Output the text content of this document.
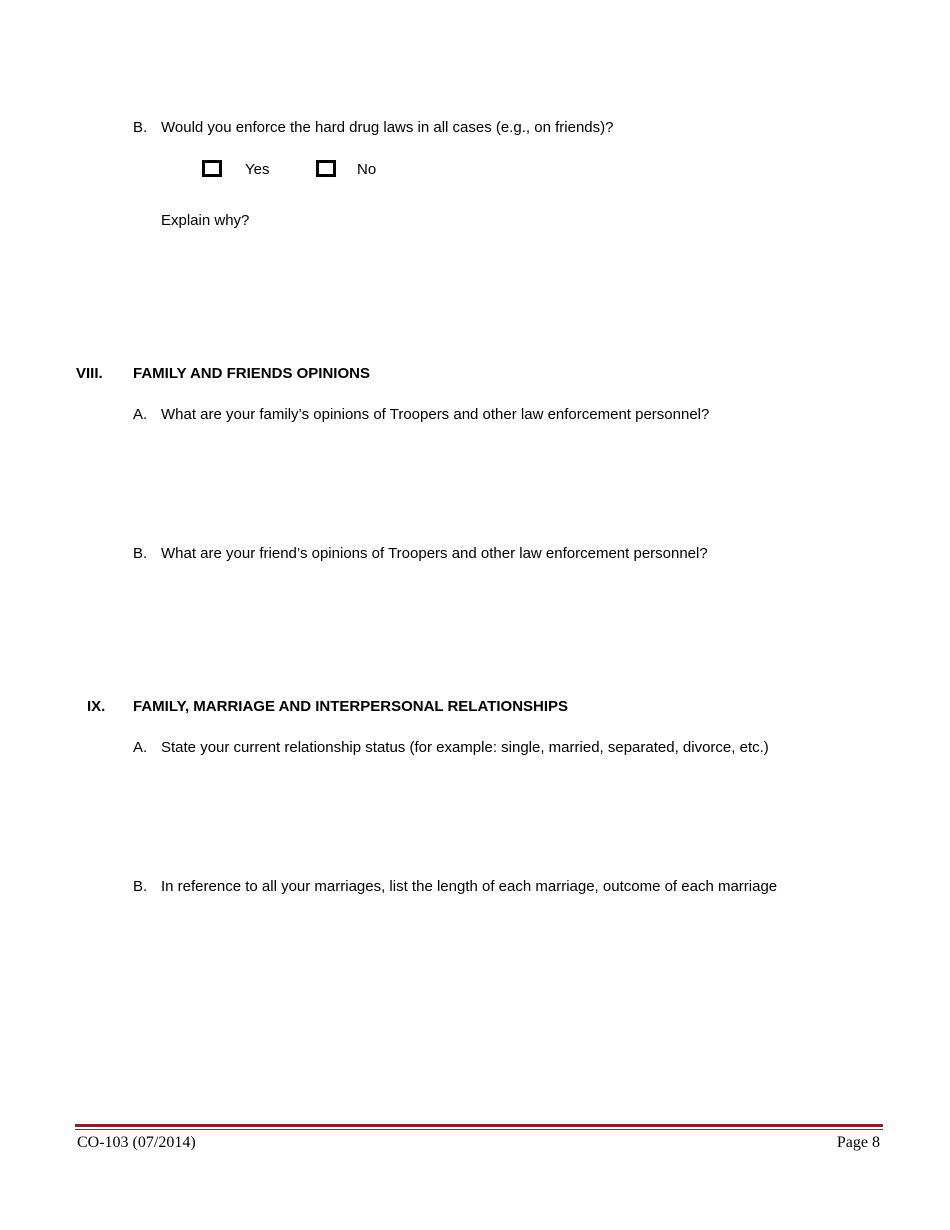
B. Would you enforce the hard drug laws in all cases (e.g., on friends)?
Yes	No
Explain why?
VIII. FAMILY AND FRIENDS OPINIONS
A. What are your family’s opinions of Troopers and other law enforcement personnel?
B. What are your friend’s opinions of Troopers and other law enforcement personnel?
IX. FAMILY, MARRIAGE AND INTERPERSONAL RELATIONSHIPS
A. State your current relationship status (for example: single, married, separated, divorce, etc.)
B. In reference to all your marriages, list the length of each marriage, outcome of each marriage
CO-103 (07/2014)	Page 8
